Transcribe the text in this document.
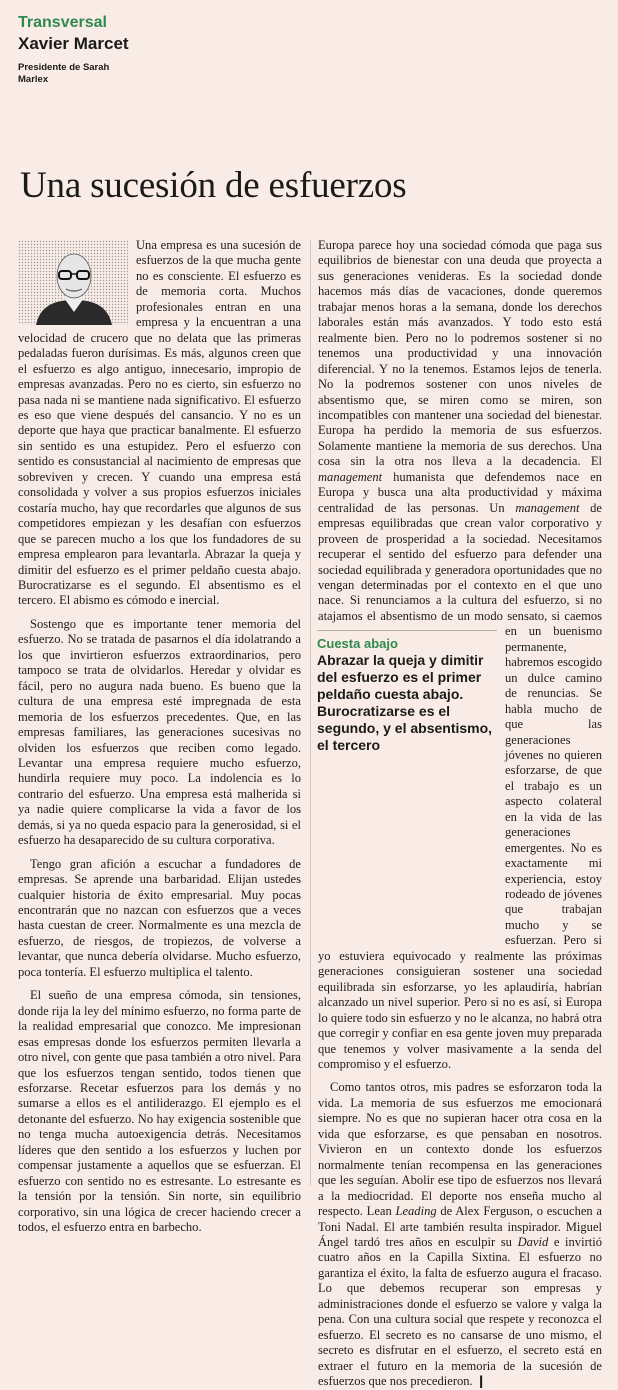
Transversal
Xavier Marcet
Presidente de Sarah Marlex
Una sucesión de esfuerzos

Una empresa es una sucesión de esfuerzos de la que mucha gente no es consciente. El esfuerzo es de memoria corta. Muchos profesionales entran en una empresa y la encuentran a una velocidad de crucero que no delata que las primeras pedaladas fueron durísimas. Es más, algunos creen que el esfuerzo es algo antiguo, innecesario, impropio de empresas avanzadas. Pero no es cierto, sin esfuerzo no pasa nada ni se mantiene nada significativo. El esfuerzo es eso que viene después del cansancio. Y no es un deporte que haya que practicar banalmente. El esfuerzo sin sentido es una estupidez. Pero el esfuerzo con sentido es consustancial al nacimiento de empresas que sobreviven y crecen. Y cuando una empresa está consolidada y volver a sus propios esfuerzos iniciales costaría mucho, hay que recordarles que algunos de sus competidores empiezan y les desafían con esfuerzos que se parecen mucho a los que los fundadores de su empresa emplearon para levantarla. Abrazar la queja y dimitir del esfuerzo es el primer peldaño cuesta abajo. Burocratizarse es el segundo. El absentismo es el tercero. El abismo es cómodo e inercial.

Sostengo que es importante tener memoria del esfuerzo. No se tratada de pasarnos el día idolatrando a los que invirtieron esfuerzos extraordinarios, pero tampoco se trata de olvidarlos. Heredar y olvidar es fácil, pero no augura nada bueno. Es bueno que la cultura de una empresa esté impregnada de esta memoria de los esfuerzos precedentes. Que, en las empresas familiares, las generaciones sucesivas no olviden los esfuerzos que reciben como legado. Levantar una empresa requiere mucho esfuerzo, hundirla requiere muy poco. La indolencia es lo contrario del esfuerzo. Una empresa está malherida si ya nadie quiere complicarse la vida a favor de los demás, si ya no queda espacio para la generosidad, si el esfuerzo ha desaparecido de su cultura corporativa.

Tengo gran afición a escuchar a fundadores de empresas. Se aprende una barbaridad. Elijan ustedes cualquier historia de éxito empresarial. Muy pocas encontrarán que no nazcan con esfuerzos que a veces hasta cuestan de creer. Normalmente es una mezcla de esfuerzo, de riesgos, de tropiezos, de volverse a levantar, que nunca debería olvidarse. Mucho esfuerzo, poca tontería. El esfuerzo multiplica el talento.

El sueño de una empresa cómoda, sin tensiones, donde rija la ley del mínimo esfuerzo, no forma parte de la realidad empresarial que conozco. Me impresionan esas empresas donde los esfuerzos permiten llevarla a otro nivel, con gente que pasa también a otro nivel. Para que los esfuerzos tengan sentido, todos tienen que esforzarse. Recetar esfuerzos para los demás y no sumarse a ellos es el antiliderazgo. El ejemplo es el detonante del esfuerzo. No hay exigencia sostenible que no tenga mucha autoexigencia detrás. Necesitamos líderes que den sentido a los esfuerzos y luchen por compensar justamente a aquellos que se esfuerzan. El esfuerzo con sentido no es estresante. Lo estresante es la tensión por la tensión. Sin norte, sin equilibrio corporativo, sin una lógica de crecer haciendo crecer a todos, el esfuerzo entra en barbecho.

Europa parece hoy una sociedad cómoda que paga sus equilibrios de bienestar con una deuda que proyecta a sus generaciones venideras. Es la sociedad donde hacemos más días de vacaciones, donde queremos trabajar menos horas a la semana, donde los derechos laborales están más avanzados. Y todo esto está realmente bien. Pero no lo podremos sostener si no tenemos una productividad y una innovación diferencial. Y no la tenemos. Estamos lejos de tenerla. No la podremos sostener con unos niveles de absentismo que, se miren como se miren, son incompatibles con mantener una sociedad del bienestar. Europa ha perdido la memoria de sus esfuerzos. Solamente mantiene la memoria de sus derechos. Una cosa sin la otra nos lleva a la decadencia. El management humanista que defendemos nace en Europa y busca una alta productividad y máxima centralidad de las personas. Un management de empresas equilibradas que crean valor corporativo y proveen de prosperidad a la sociedad. Necesitamos recuperar el sentido del esfuerzo para defender una sociedad equilibrada y generadora oportunidades que no vengan determinadas por el contexto en el que uno nace. Si renunciamos a la cultura del esfuerzo, si no atajamos el absentismo de un modo sensato, si caemos en un buenismo
Cuesta abajo
Abrazar la queja y dimitir del esfuerzo es el primer peldaño cuesta abajo. Burocratizarse es el segundo, y el absentismo, el tercero
permanente, habremos escogido un dulce camino de renuncias. Se habla mucho de que las generaciones jóvenes no quieren esforzarse, de que el trabajo es un aspecto colateral en la vida de las generaciones emergentes. No es exactamente mi experiencia, estoy rodeado de jóvenes que trabajan mucho y se esfuerzan. Pero si yo estuviera equivocado y realmente las próximas generaciones consiguieran sostener una sociedad equilibrada sin esforzarse, yo les aplaudiría, habrían alcanzado un nivel superior. Pero si no es así, si Europa lo quiere todo sin esfuerzo y no le alcanza, no habrá otra que corregir y confiar en esa gente joven muy preparada que tenemos y volver masivamente a la senda del compromiso y el esfuerzo.

Como tantos otros, mis padres se esforzaron toda la vida. La memoria de sus esfuerzos me emocionará siempre. No es que no supieran hacer otra cosa en la vida que esforzarse, es que pensaban en nosotros. Vivieron en un contexto donde los esfuerzos normalmente tenían recompensa en las generaciones que les seguían. Abolir ese tipo de esfuerzos nos llevará a la mediocridad. El deporte nos enseña mucho al respecto. Lean Leading de Alex Ferguson, o escuchen a Toni Nadal. El arte también resulta inspirador. Miguel Ángel tardó tres años en esculpir su David e invirtió cuatro años en la Capilla Sixtina. El esfuerzo no garantiza el éxito, la falta de esfuerzo augura el fracaso. Lo que debemos recuperar son empresas y administraciones donde el esfuerzo se valore y valga la pena. Con una cultura social que respete y reconozca el esfuerzo. El secreto es no cansarse de uno mismo, el secreto es disfrutar en el esfuerzo, el secreto está en extraer el futuro en la memoria de la sucesión de esfuerzos que nos precedieron. ❙
